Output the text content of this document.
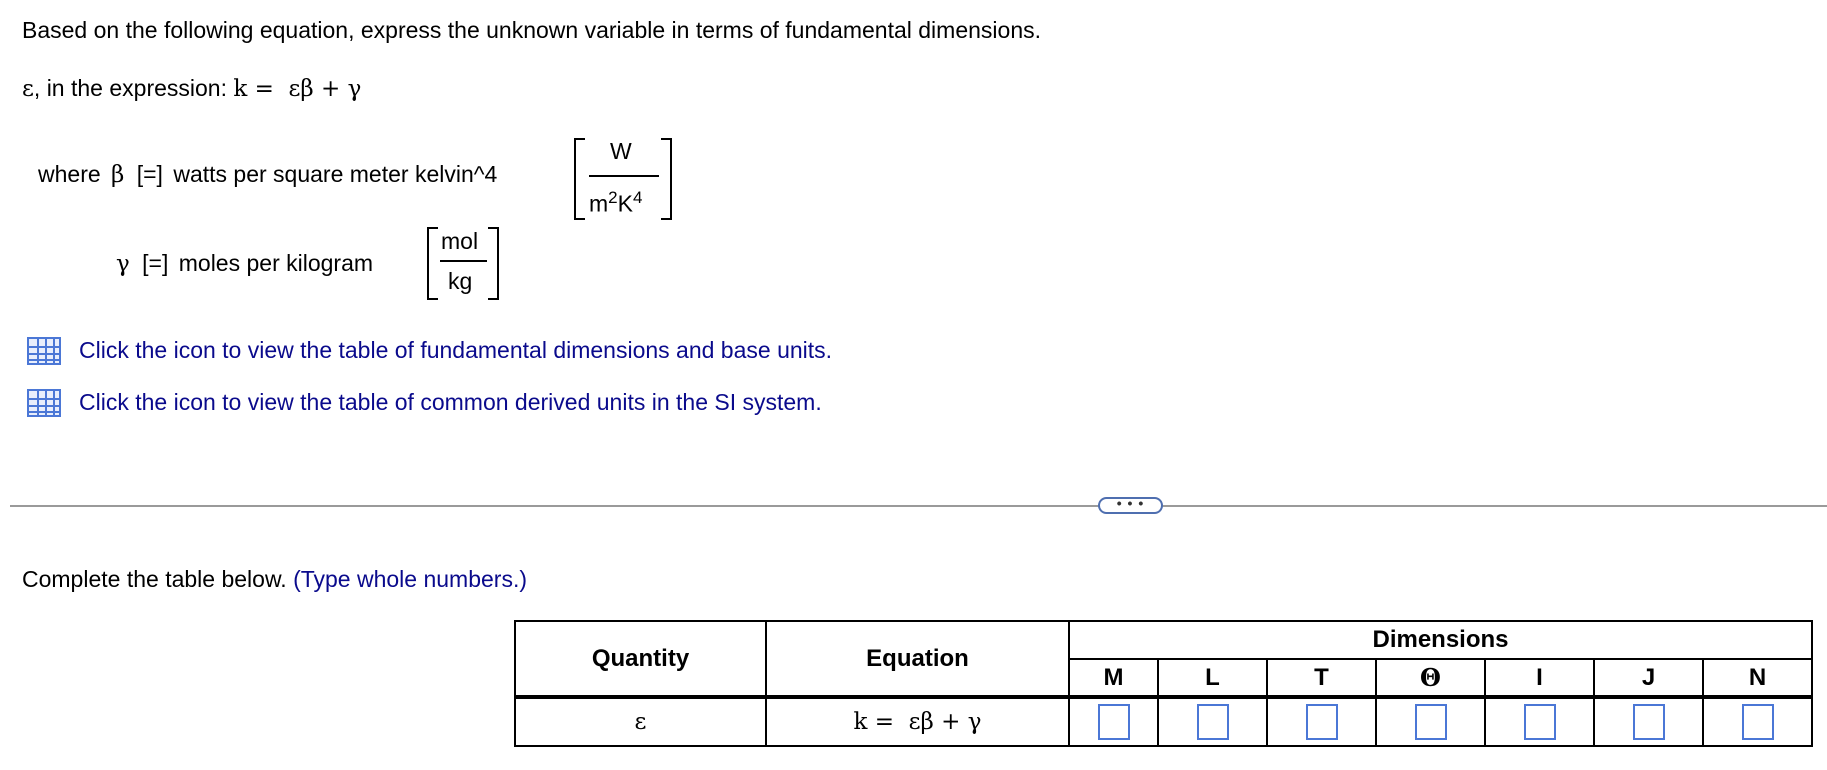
Based on the following equation, express the unknown variable in terms of fundamental dimensions.
ε, in the expression: k =  εβ + γ
where β [=] watts per square meter kelvin^4
W
$m^2K^4$
γ [=] moles per kilogram
mol
kg
Click the icon to view the table of fundamental dimensions and base units.
Click the icon to view the table of common derived units in the SI system.
• • •
Complete the table below. (Type whole numbers.)
Quantity	Equation	Dimensions						
		M	L	T	Θ	I	J	N
ε	k =  εβ + γ							
